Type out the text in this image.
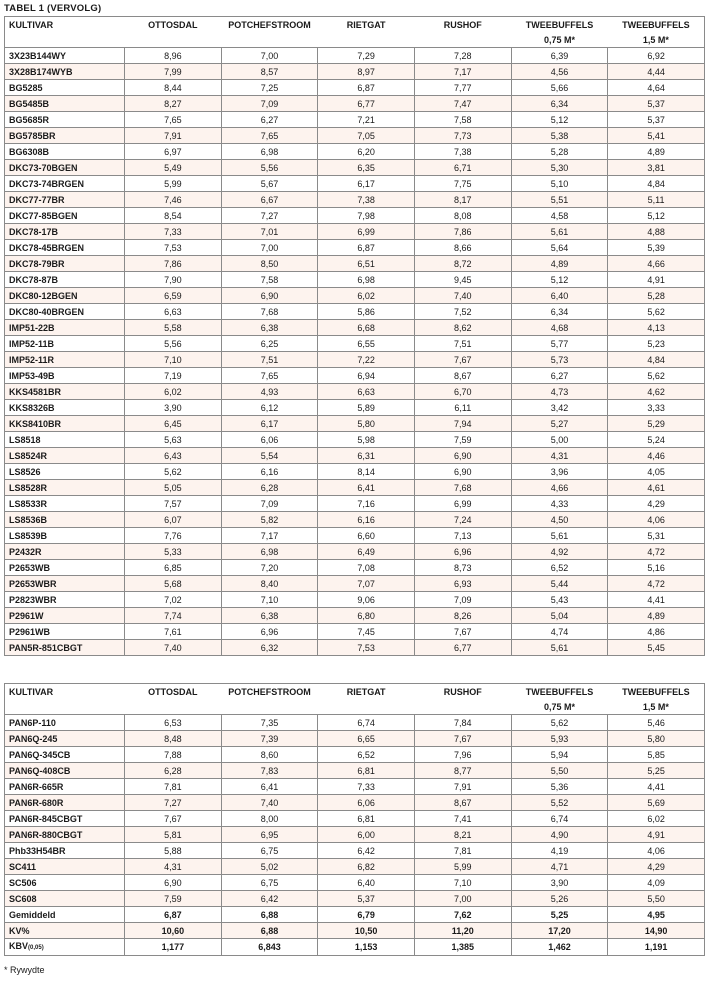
TABEL 1 (VERVOLG)
KULTIVAR	OTTOSDAL	POTCHEFSTROOM	RIETGAT	RUSHOF	TWEEBUFFELS	TWEEBUFFELS
					0,75 M*	1,5 M*
3X23B144WY	8,96	7,00	7,29	7,28	6,39	6,92
3X28B174WYB	7,99	8,57	8,97	7,17	4,56	4,44
BG5285	8,44	7,25	6,87	7,77	5,66	4,64
BG5485B	8,27	7,09	6,77	7,47	6,34	5,37
BG5685R	7,65	6,27	7,21	7,58	5,12	5,37
BG5785BR	7,91	7,65	7,05	7,73	5,38	5,41
BG6308B	6,97	6,98	6,20	7,38	5,28	4,89
DKC73-70BGEN	5,49	5,56	6,35	6,71	5,30	3,81
DKC73-74BRGEN	5,99	5,67	6,17	7,75	5,10	4,84
DKC77-77BR	7,46	6,67	7,38	8,17	5,51	5,11
DKC77-85BGEN	8,54	7,27	7,98	8,08	4,58	5,12
DKC78-17B	7,33	7,01	6,99	7,86	5,61	4,88
DKC78-45BRGEN	7,53	7,00	6,87	8,66	5,64	5,39
DKC78-79BR	7,86	8,50	6,51	8,72	4,89	4,66
DKC78-87B	7,90	7,58	6,98	9,45	5,12	4,91
DKC80-12BGEN	6,59	6,90	6,02	7,40	6,40	5,28
DKC80-40BRGEN	6,63	7,68	5,86	7,52	6,34	5,62
IMP51-22B	5,58	6,38	6,68	8,62	4,68	4,13
IMP52-11B	5,56	6,25	6,55	7,51	5,77	5,23
IMP52-11R	7,10	7,51	7,22	7,67	5,73	4,84
IMP53-49B	7,19	7,65	6,94	8,67	6,27	5,62
KKS4581BR	6,02	4,93	6,63	6,70	4,73	4,62
KKS8326B	3,90	6,12	5,89	6,11	3,42	3,33
KKS8410BR	6,45	6,17	5,80	7,94	5,27	5,29
LS8518	5,63	6,06	5,98	7,59	5,00	5,24
LS8524R	6,43	5,54	6,31	6,90	4,31	4,46
LS8526	5,62	6,16	8,14	6,90	3,96	4,05
LS8528R	5,05	6,28	6,41	7,68	4,66	4,61
LS8533R	7,57	7,09	7,16	6,99	4,33	4,29
LS8536B	6,07	5,82	6,16	7,24	4,50	4,06
LS8539B	7,76	7,17	6,60	7,13	5,61	5,31
P2432R	5,33	6,98	6,49	6,96	4,92	4,72
P2653WB	6,85	7,20	7,08	8,73	6,52	5,16
P2653WBR	5,68	8,40	7,07	6,93	5,44	4,72
P2823WBR	7,02	7,10	9,06	7,09	5,43	4,41
P2961W	7,74	6,38	6,80	8,26	5,04	4,89
P2961WB	7,61	6,96	7,45	7,67	4,74	4,86
PAN5R-851CBGT	7,40	6,32	7,53	6,77	5,61	5,45
KULTIVAR	OTTOSDAL	POTCHEFSTROOM	RIETGAT	RUSHOF	TWEEBUFFELS	TWEEBUFFELS
					0,75 M*	1,5 M*
PAN6P-110	6,53	7,35	6,74	7,84	5,62	5,46
PAN6Q-245	8,48	7,39	6,65	7,67	5,93	5,80
PAN6Q-345CB	7,88	8,60	6,52	7,96	5,94	5,85
PAN6Q-408CB	6,28	7,83	6,81	8,77	5,50	5,25
PAN6R-665R	7,81	6,41	7,33	7,91	5,36	4,41
PAN6R-680R	7,27	7,40	6,06	8,67	5,52	5,69
PAN6R-845CBGT	7,67	8,00	6,81	7,41	6,74	6,02
PAN6R-880CBGT	5,81	6,95	6,00	8,21	4,90	4,91
Phb33H54BR	5,88	6,75	6,42	7,81	4,19	4,06
SC411	4,31	5,02	6,82	5,99	4,71	4,29
SC506	6,90	6,75	6,40	7,10	3,90	4,09
SC608	7,59	6,42	5,37	7,00	5,26	5,50
Gemiddeld	6,87	6,88	6,79	7,62	5,25	4,95
KV%	10,60	6,88	10,50	11,20	17,20	14,90
KBV(0,05)	1,177	6,843	1,153	1,385	1,462	1,191
* Rywydte
